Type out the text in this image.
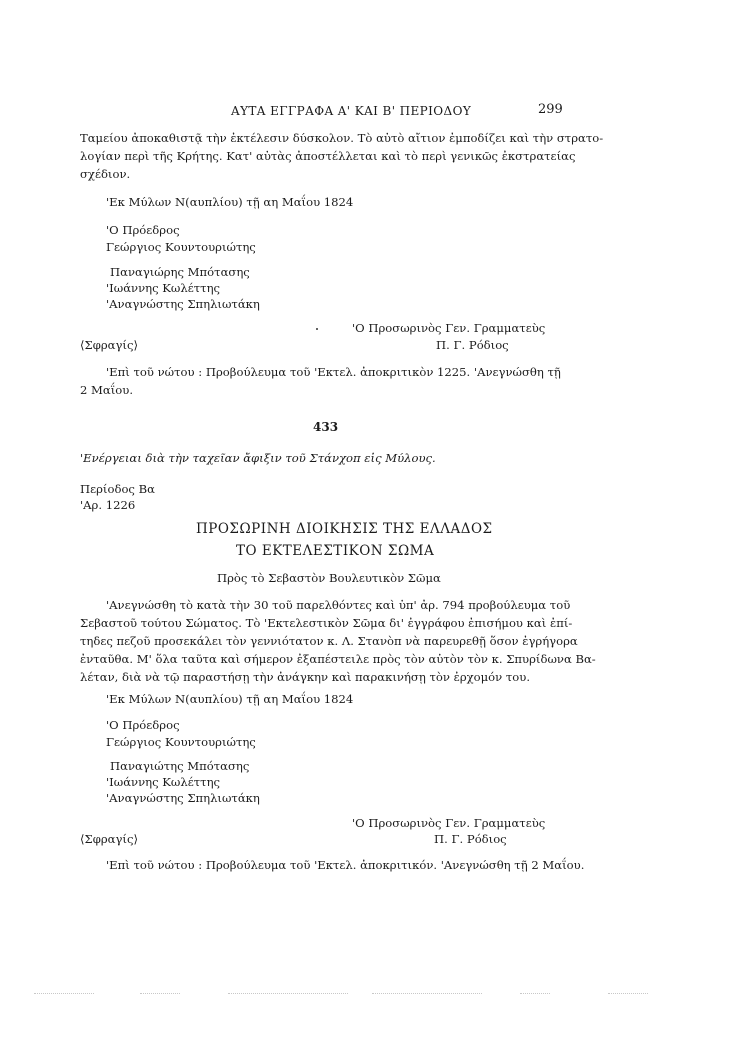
ΑΥΤΑ ΕΓΓΡΑΦΑ Α' ΚΑΙ Β' ΠΕΡΙΟΔΟΥ	299
Ταμείου ἀποκαθιστᾷ τὴν ἐκτέλεσιν δύσκολον. Τὸ αὐτὸ αἴτιον ἐμποδίζει καὶ τὴν στρατο-
λογίαν περὶ τῆς Κρήτης. Κατ' αὐτὰς ἀποστέλλεται καὶ τὸ περὶ γενικῶς ἐκστρατείας
σχέδιον.
'Εκ Μύλων Ν(αυπλίου) τῇ α⁠η Μαΐου 1824
'Ο Πρόεδρος
Γεώργιος Κουντουριώτης
Παναγιώρης Μπότασης
'Ιωάννης Κωλέττης
'Αναγνώστης Σπηλιωτάκη
'Ο Προσωρινὸς Γεν. Γραμματεὺς
⟨Σφραγίς⟩	Π. Γ. Ρόδιος
'Επὶ τοῦ νώτου : Προβούλευμα τοῦ 'Εκτελ. ἀποκριτικὸν 1225. 'Ανεγνώσθη τῇ
2 Μαΐου.
433
'Ενέργειαι διὰ τὴν ταχεῖαν ἄφιξιν τοῦ Στάνχοπ εἰς Μύλους.
Περίοδος Βα
'Αρ. 1226
ΠΡΟΣΩΡΙΝΗ ΔΙΟΙΚΗΣΙΣ ΤΗΣ ΕΛΛΑΔΟΣ
ΤΟ ΕΚΤΕΛΕΣΤΙΚΟΝ ΣΩΜΑ
Πρὸς τὸ Σεβαστὸν Βουλευτικὸν Σῶμα
'Ανεγνώσθη τὸ κατὰ τὴν 30 τοῦ παρελθόντες καὶ ὑπ' ἀρ. 794 προβούλευμα τοῦ
Σεβαστοῦ τούτου Σώματος. Τὸ 'Εκτελεστικὸν Σῶμα δι' ἐγγράφου ἐπισήμου καὶ ἐπί-
τηδες πεζοῦ προσεκάλει τὸν γεννιότατον κ. Λ. Στανὸπ νὰ παρευρεθῇ ὅσον ἐγρήγορα
ἐνταῦθα. Μ' ὅλα ταῦτα καὶ σήμερον ἐξαπέστειλε πρὸς τὸν αὐτὸν τὸν κ. Σπυρίδωνα Βα-
λέταν, διὰ νὰ τῷ παραστήσῃ τὴν ἀνάγκην καὶ παρακινήσῃ τὸν ἐρχομόν του.
'Εκ Μύλων Ν(αυπλίου) τῇ α⁠η Μαΐου 1824
'Ο Πρόεδρος
Γεώργιος Κουντουριώτης
Παναγιώτης Μπότασης
'Ιωάννης Κωλέττης
'Αναγνώστης Σπηλιωτάκη
'Ο Προσωρινὸς Γεν. Γραμματεὺς
⟨Σφραγίς⟩	Π. Γ. Ρόδιος
'Επὶ τοῦ νώτου : Προβούλευμα τοῦ 'Εκτελ. ἀποκριτικόν. 'Ανεγνώσθη τῇ 2 Μαΐου.
